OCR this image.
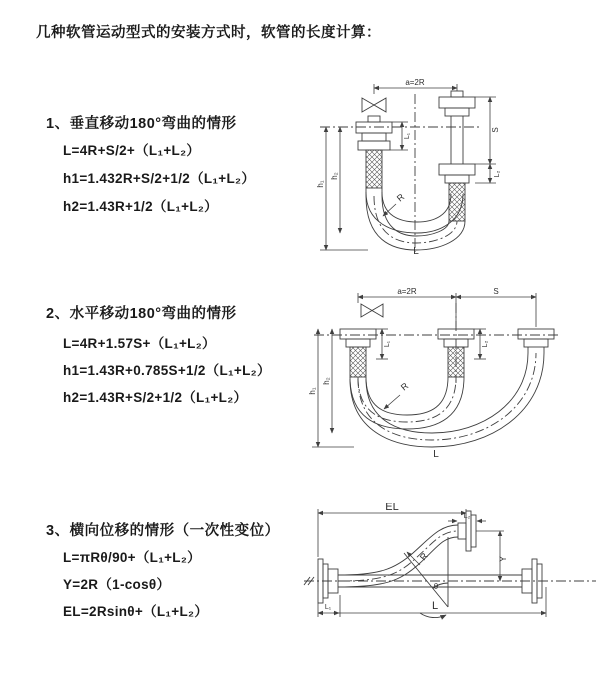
几种软管运动型式的安装方式时，软管的长度计算：
1、垂直移动180°弯曲的情形
L=4R+S/2+（L₁+L₂）
h1=1.432R+S/2+1/2（L₁+L₂）
h2=1.43R+1/2（L₁+L₂）
2、水平移动180°弯曲的情形
L=4R+1.57S+（L₁+L₂）
h1=1.43R+0.785S+1/2（L₁+L₂）
h2=1.43R+S/2+1/2（L₁+L₂）
3、横向位移的情形（一次性变位）
L=πRθ/90+（L₁+L₂）
Y=2R（1-cosθ）
EL=2Rsinθ+（L₁+L₂）
a=2R
S
L₁
L₂
h₁
h₂
R
L
a=2R	S
L₁	L₂
h₁
h₂	R
L
EL
L₂
Y
L₁	L
R
θ
